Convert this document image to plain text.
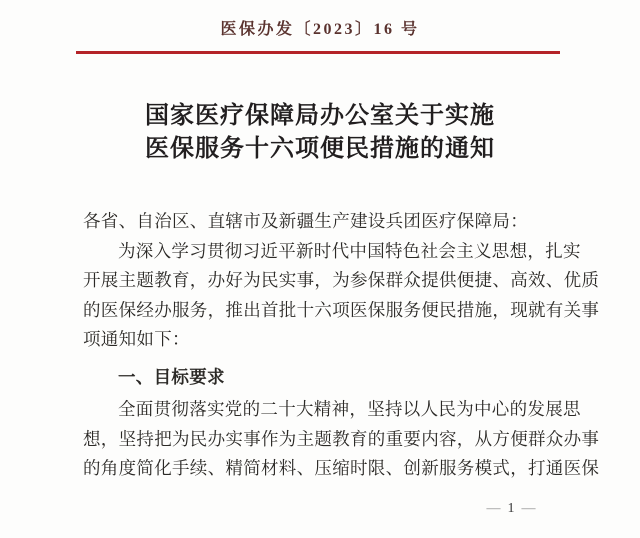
医保办发〔2023〕16 号
国家医疗保障局办公室关于实施
医保服务十六项便民措施的通知
各省、自治区、直辖市及新疆生产建设兵团医疗保障局：
为深入学习贯彻习近平新时代中国特色社会主义思想，扎实
开展主题教育，办好为民实事，为参保群众提供便捷、高效、优质
的医保经办服务，推出首批十六项医保服务便民措施，现就有关事
项通知如下：
一、目标要求
全面贯彻落实党的二十大精神，坚持以人民为中心的发展思
想，坚持把为民办实事作为主题教育的重要内容，从方便群众办事
的角度简化手续、精简材料、压缩时限、创新服务模式，打通医保
— 1 —
